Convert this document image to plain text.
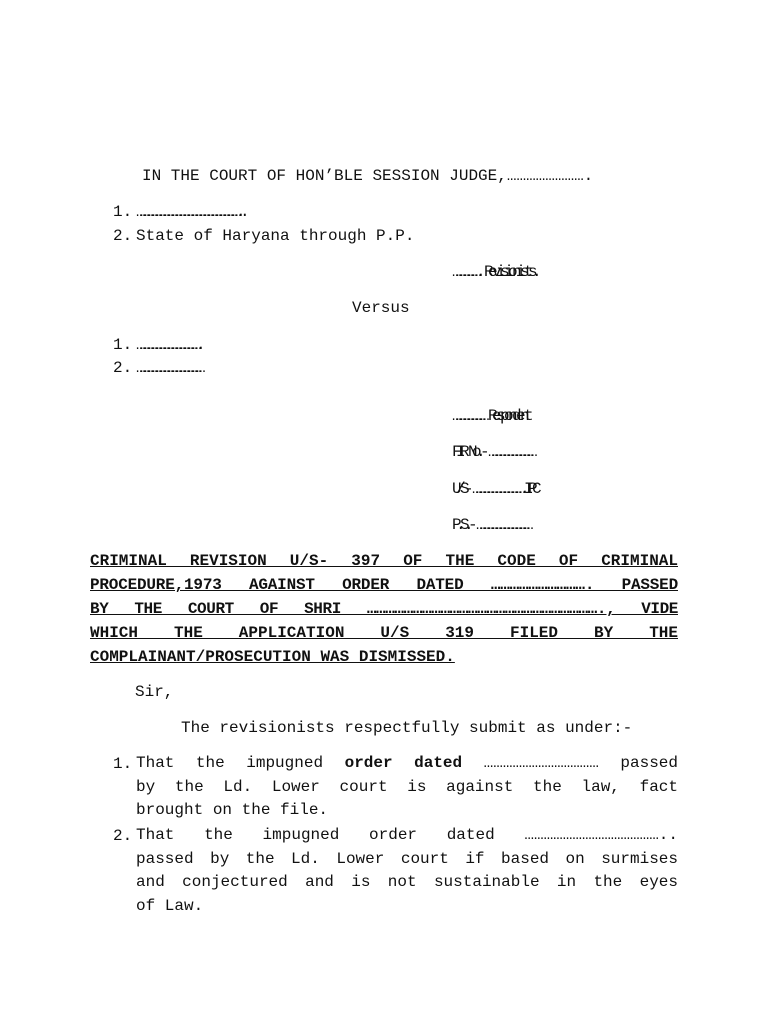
IN THE COURT OF HON’BLE SESSION JUDGE,…………………….
1. …………………………………………………………………..
2. State of Haryana through P.P.
………………. Revisionists.
Versus
1. ……………………………………….
2. …………………………………………
…………………… Respondent
FIR No.- ……………………………
U/S- ……………………………….IPC
P.S.- …………………………………
CRIMINAL REVISION U/S- 397 OF THE CODE OF CRIMINAL
PROCEDURE,1973 AGAINST ORDER DATED …………………………. PASSED
BY THE COURT OF SHRI …………………………………………………………………., VIDE
WHICH THE APPLICATION U/S 319 FILED BY THE
COMPLAINANT/PROSECUTION WAS DISMISSED.
Sir,
The revisionists respectfully submit as under:-
1. That the impugned order dated ……………………………… passed
by the Ld. Lower court is against the law, fact
brought on the file.
2. That the impugned order dated ……………………………………..
passed by the Ld. Lower court if based on surmises
and conjectured and is not sustainable in the eyes
of Law.
